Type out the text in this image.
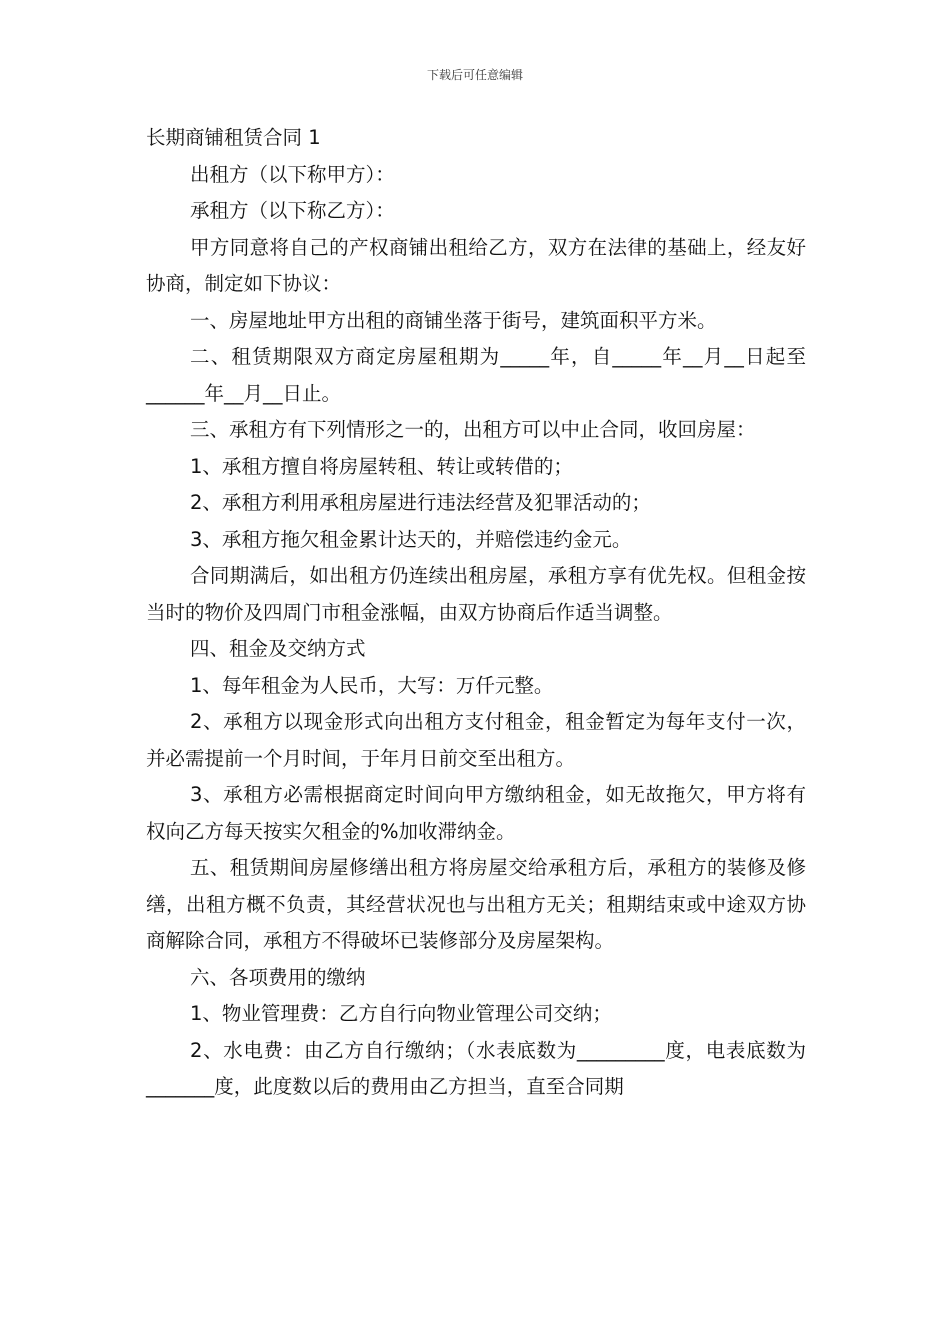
下载后可任意编辑

长期商铺租赁合同 1

出租方（以下称甲方）：

承租方（以下称乙方）：

甲方同意将自己的产权商铺出租给乙方，双方在法律的基础上，经友好协商，制定如下协议：

一、房屋地址甲方出租的商铺坐落于街号，建筑面积平方米。

二、租赁期限双方商定房屋租期为_____年，自_____年__月__日起至______年__月__日止。

三、承租方有下列情形之一的，出租方可以中止合同，收回房屋：

1、承租方擅自将房屋转租、转让或转借的；

2、承租方利用承租房屋进行违法经营及犯罪活动的；

3、承租方拖欠租金累计达天的，并赔偿违约金元。

合同期满后，如出租方仍连续出租房屋，承租方享有优先权。但租金按当时的物价及四周门市租金涨幅，由双方协商后作适当调整。

四、租金及交纳方式

1、每年租金为人民币，大写：万仟元整。

2、承租方以现金形式向出租方支付租金，租金暂定为每年支付一次，并必需提前一个月时间，于年月日前交至出租方。

3、承租方必需根据商定时间向甲方缴纳租金，如无故拖欠，甲方将有权向乙方每天按实欠租金的%加收滞纳金。

五、租赁期间房屋修缮出租方将房屋交给承租方后，承租方的装修及修缮，出租方概不负责，其经营状况也与出租方无关；租期结束或中途双方协商解除合同，承租方不得破坏已装修部分及房屋架构。

六、各项费用的缴纳

1、物业管理费：乙方自行向物业管理公司交纳；

2、水电费：由乙方自行缴纳；（水表底数为_________度，电表底数为_______度，此度数以后的费用由乙方担当，直至合同期
